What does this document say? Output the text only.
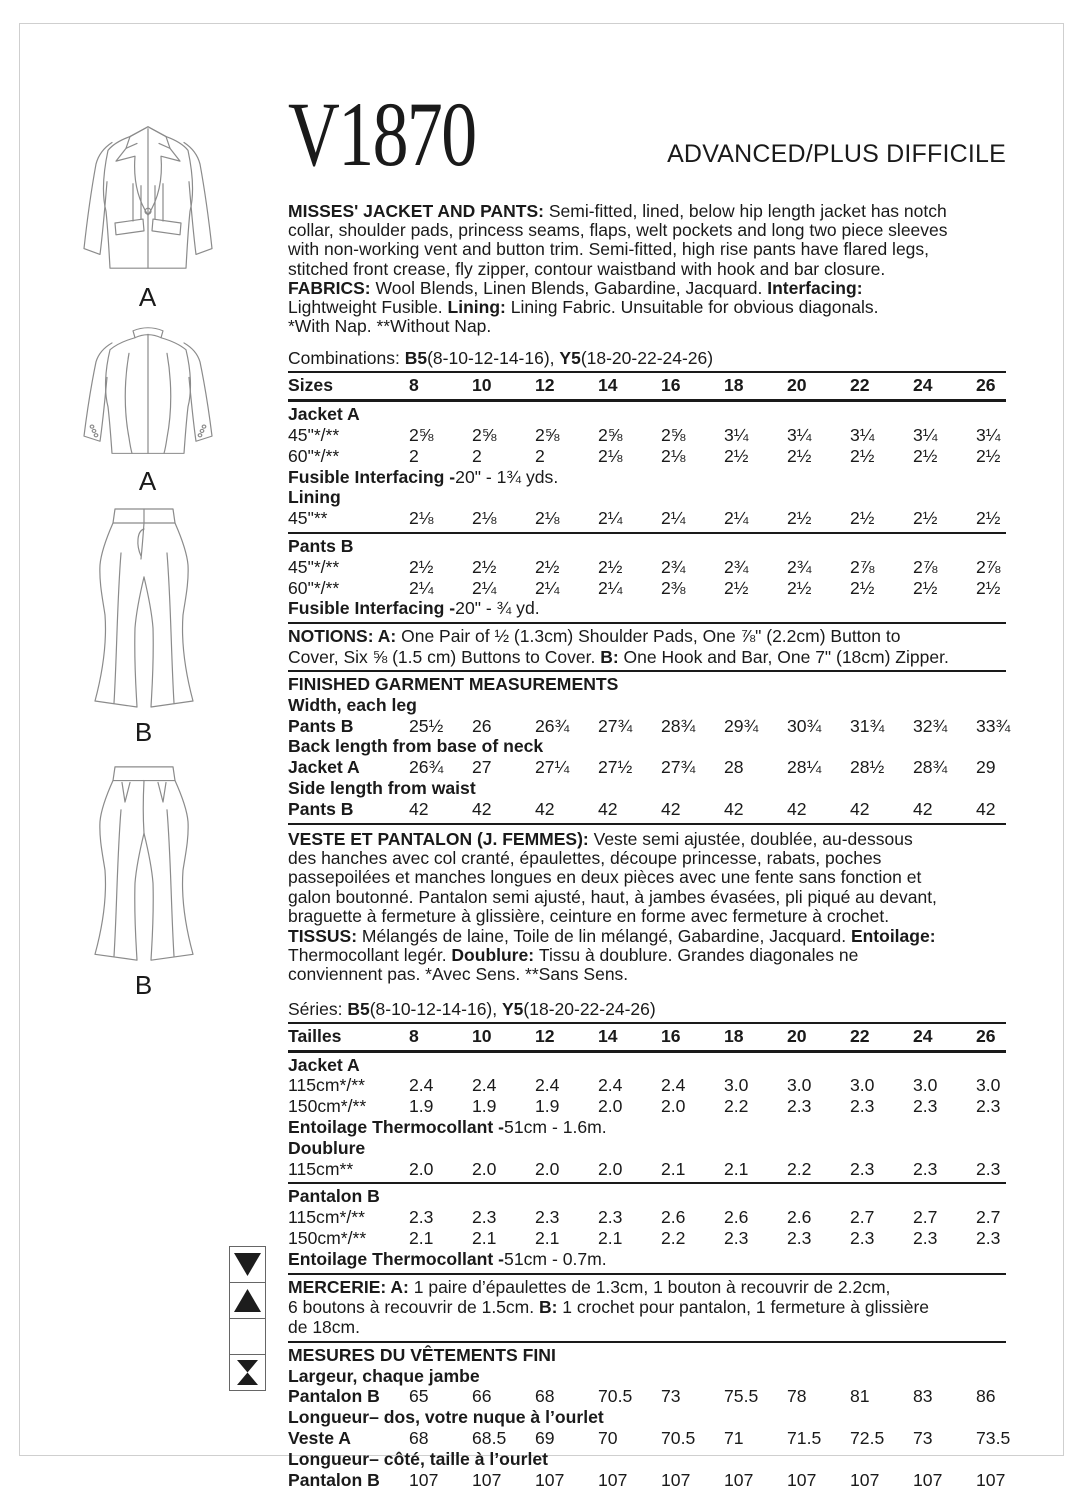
A
A
B
B
V1870	ADVANCED/PLUS DIFFICILE
MISSES' JACKET AND PANTS: Semi-fitted, lined, below hip length jacket has notch
collar, shoulder pads, princess seams, flaps, welt pockets and long two piece sleeves
with non-working vent and button trim. Semi-fitted, high rise pants have flared legs,
stitched front crease, fly zipper, contour waistband with hook and bar closure.
FABRICS: Wool Blends, Linen Blends, Gabardine, Jacquard. Interfacing:
Lightweight Fusible. Lining: Lining Fabric. Unsuitable for obvious diagonals.
*With Nap. **Without Nap.
Combinations: B5(8-10-12-14-16), Y5(18-20-22-24-26)
Sizes	8	10	12	14	16	18	20	22	24	26
Jacket A
45"*/**	2⅝	2⅝	2⅝	2⅝	2⅝	3¼	3¼	3¼	3¼	3¼
60"*/**	2	2	2	2⅛	2⅛	2½	2½	2½	2½	2½
Fusible Interfacing - 20" - 1¾ yds.
Lining
45"**	2⅛	2⅛	2⅛	2¼	2¼	2¼	2½	2½	2½	2½
Pants B
45"*/**	2½	2½	2½	2½	2¾	2¾	2¾	2⅞	2⅞	2⅞
60"*/**	2¼	2¼	2¼	2¼	2⅜	2½	2½	2½	2½	2½
Fusible Interfacing - 20" - ¾ yd.
NOTIONS: A: One Pair of ½ (1.3cm) Shoulder Pads, One ⅞" (2.2cm) Button to
Cover, Six ⅝ (1.5 cm) Buttons to Cover. B: One Hook and Bar, One 7" (18cm) Zipper.
FINISHED GARMENT MEASUREMENTS
Width, each leg
Pants B	25½	26	26¾	27¾	28¾	29¾	30¾	31¾	32¾	33¾
Back length from base of neck
Jacket A	26¾	27	27¼	27½	27¾	28	28¼	28½	28¾	29
Side length from waist
Pants B	42	42	42	42	42	42	42	42	42	42
VESTE ET PANTALON (J. FEMMES): Veste semi ajustée, doublée, au-dessous
des hanches avec col cranté, épaulettes, découpe princesse, rabats, poches
passepoilées et manches longues en deux pièces avec une fente sans fonction et
galon boutonné. Pantalon semi ajusté, haut, à jambes évasées, pli piqué au devant,
braguette à fermeture à glissière, ceinture en forme avec fermeture à crochet.
TISSUS: Mélangés de laine, Toile de lin mélangé, Gabardine, Jacquard. Entoilage:
Thermocollant legér. Doublure: Tissu à doublure. Grandes diagonales ne
conviennent pas. *Avec Sens. **Sans Sens.
Séries: B5(8-10-12-14-16), Y5(18-20-22-24-26)
Tailles	8	10	12	14	16	18	20	22	24	26
Jacket A
115cm*/**	2.4	2.4	2.4	2.4	2.4	3.0	3.0	3.0	3.0	3.0
150cm*/**	1.9	1.9	1.9	2.0	2.0	2.2	2.3	2.3	2.3	2.3
Entoilage Thermocollant - 51cm - 1.6m.
Doublure
115cm**	2.0	2.0	2.0	2.0	2.1	2.1	2.2	2.3	2.3	2.3
Pantalon B
115cm*/**	2.3	2.3	2.3	2.3	2.6	2.6	2.6	2.7	2.7	2.7
150cm*/**	2.1	2.1	2.1	2.1	2.2	2.3	2.3	2.3	2.3	2.3
Entoilage Thermocollant - 51cm - 0.7m.
MERCERIE: A: 1 paire d’épaulettes de 1.3cm, 1 bouton à recouvrir de 2.2cm,
6 boutons à recouvrir de 1.5cm. B: 1 crochet pour pantalon, 1 fermeture à glissière
de 18cm.
MESURES DU VÊTEMENTS FINI
Largeur, chaque jambe
Pantalon B	65	66	68	70.5	73	75.5	78	81	83	86
Longueur– dos, votre nuque à l’ourlet
Veste A	68	68.5	69	70	70.5	71	71.5	72.5	73	73.5
Longueur– côté, taille à l’ourlet
Pantalon B	107	107	107	107	107	107	107	107	107	107
